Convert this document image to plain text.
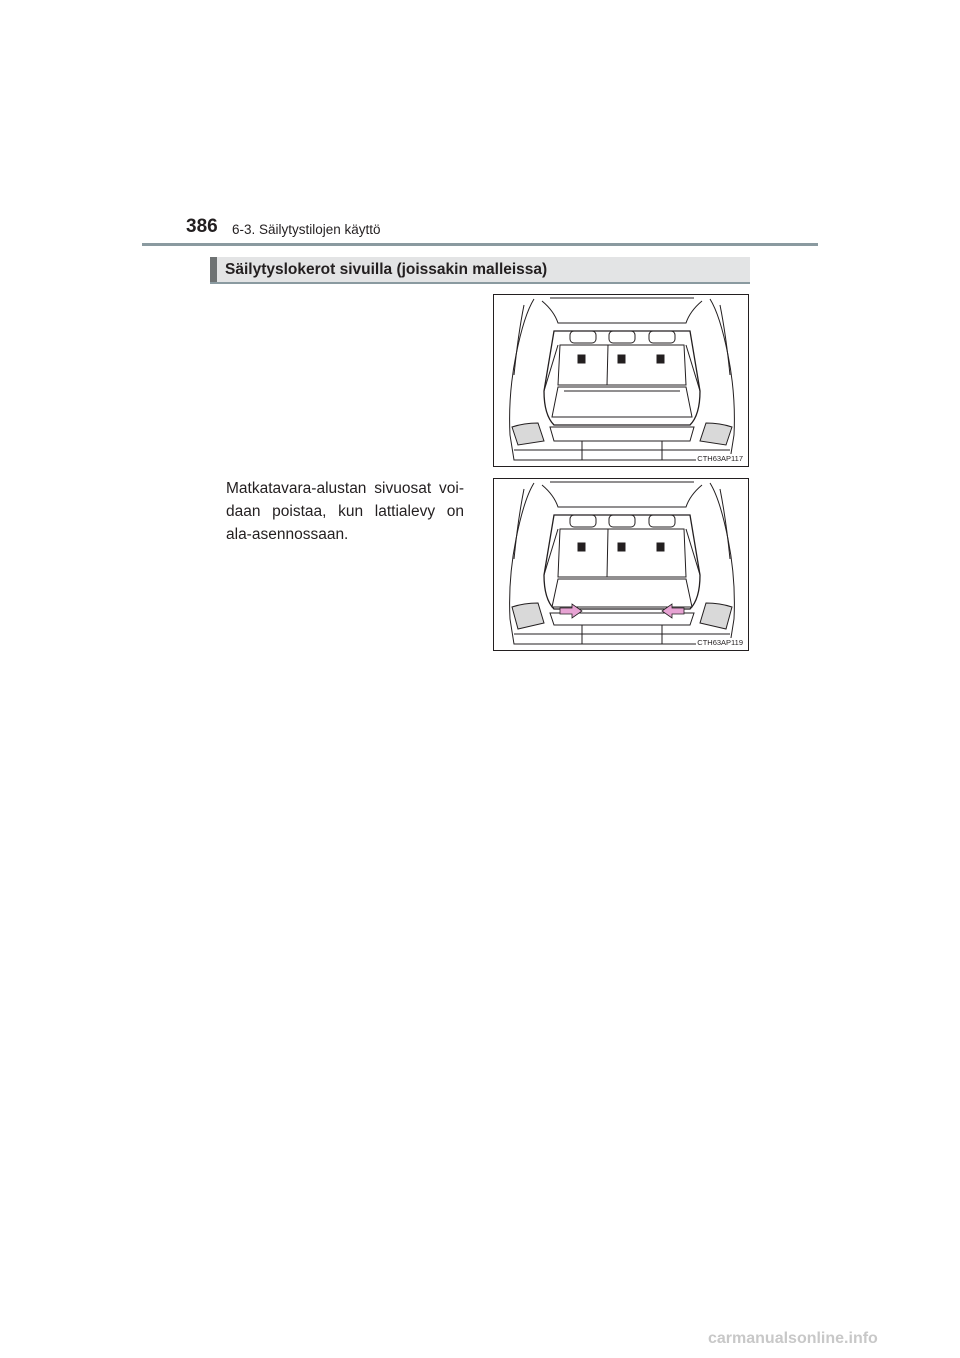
386 6-3. Säilytystilojen käyttö
Säilytyslokerot sivuilla (joissakin malleissa)
Matkatavara-alustan sivuosat voi-daan poistaa, kun lattialevy on ala-asennossaan.
CTH63AP117
CTH63AP119
carmanualsonline.info
